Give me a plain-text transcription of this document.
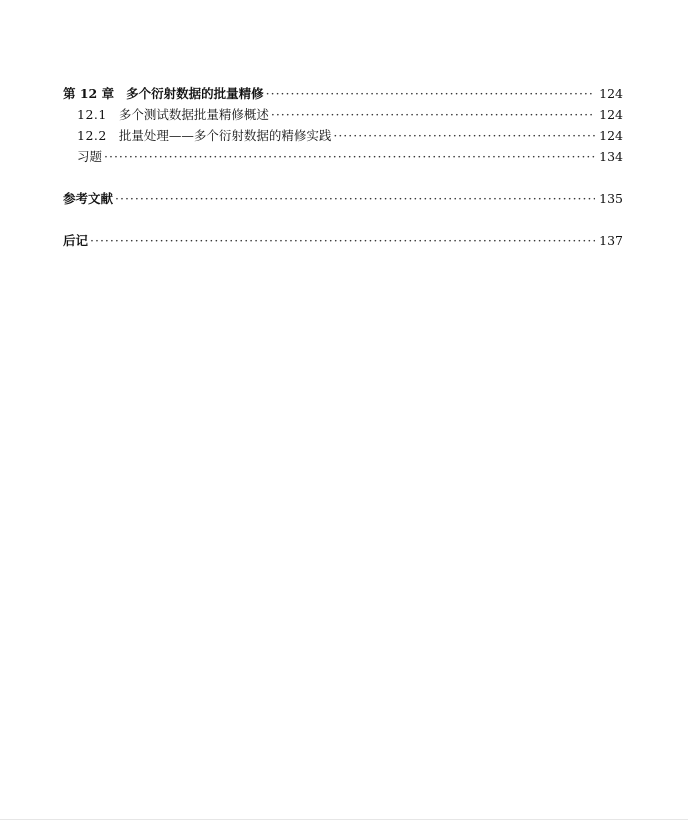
第 12 章 多个衍射数据的批量精修 ·····	124
12.1 多个测试数据批量精修概述 ·····	124
12.2 批量处理——多个衍射数据的精修实践 ·····	124
习题 ·····	134
参考文献 ·····	135
后记 ·····	137
